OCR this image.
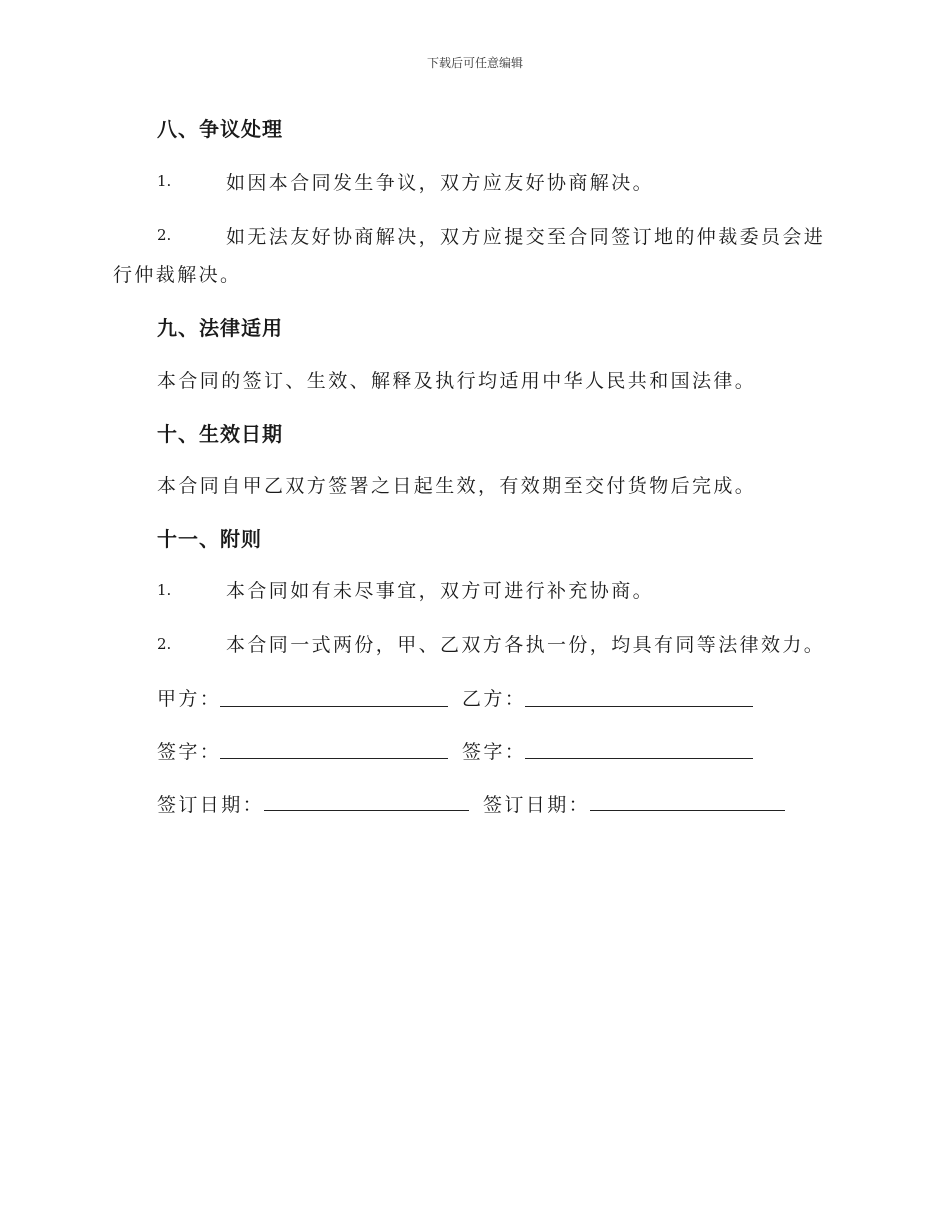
下载后可任意编辑
八、争议处理
1.	如因本合同发生争议，双方应友好协商解决。
2.	如无法友好协商解决，双方应提交至合同签订地的仲裁委员会进
行仲裁解决。
九、法律适用
本合同的签订、生效、解释及执行均适用中华人民共和国法律。
十、生效日期
本合同自甲乙双方签署之日起生效，有效期至交付货物后完成。
十一、附则
1.	本合同如有未尽事宜，双方可进行补充协商。
2.	本合同一式两份，甲、乙双方各执一份，均具有同等法律效力。
甲方：	乙方：
签字：	签字：
签订日期：	签订日期：
